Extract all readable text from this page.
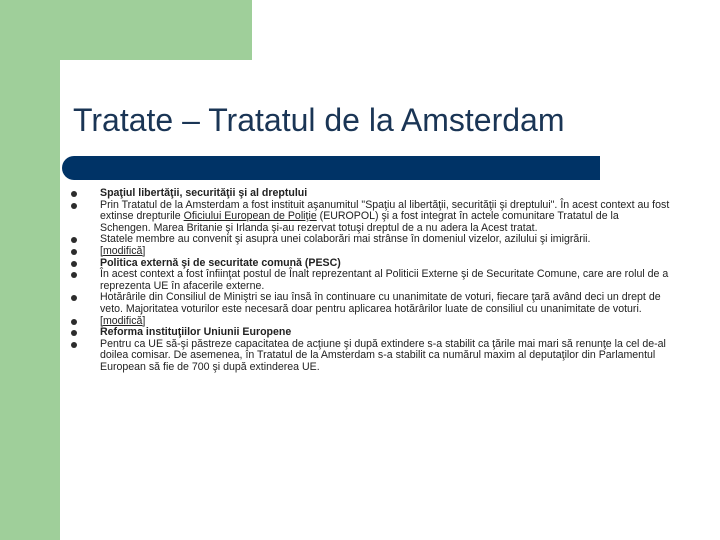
Tratate – Tratatul de la Amsterdam
Spaţiul libertăţii, securităţii şi al dreptului
Prin Tratatul de la Amsterdam a fost instituit aşanumitul "Spaţiu al libertăţii, securităţii şi dreptului". În acest context au fost extinse drepturile Oficiului European de Poliţie (EUROPOL) şi a fost integrat în actele comunitare Tratatul de la Schengen. Marea Britanie şi Irlanda şi-au rezervat totuşi dreptul de a nu adera la Acest tratat.
Statele membre au convenit şi asupra unei colaborări mai strânse în domeniul vizelor, azilului şi imigrării.
[modifică]
Politica externă şi de securitate comună (PESC)
În acest context a fost înfiinţat postul de Înalt reprezentant al Politicii Externe şi de Securitate Comune, care are rolul de a reprezenta UE în afacerile externe.
Hotărârile din Consiliul de Miniştri se iau însă în continuare cu unanimitate de voturi, fiecare ţară având deci un drept de veto. Majoritatea voturilor este necesară doar pentru aplicarea hotărârilor luate de consiliul cu unanimitate de voturi.
[modifică]
Reforma instituţiilor Uniunii Europene
Pentru ca UE să-şi păstreze capacitatea de acţiune şi după extindere s-a stabilit ca ţările mai mari să renunţe la cel de-al doilea comisar. De asemenea, în Tratatul de la Amsterdam s-a stabilit ca numărul maxim al deputaţilor din Parlamentul European să fie de 700 şi după extinderea UE.
